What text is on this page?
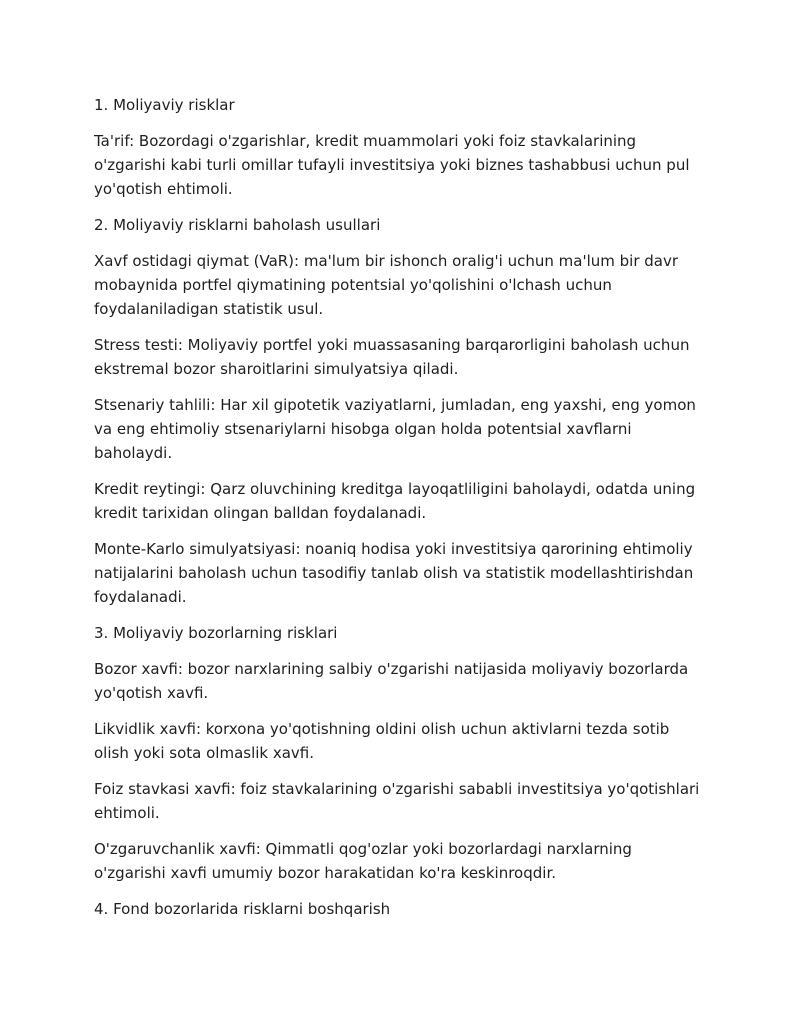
1. Moliyaviy risklar

Ta'rif: Bozordagi o'zgarishlar, kredit muammolari yoki foiz stavkalarining o'zgarishi kabi turli omillar tufayli investitsiya yoki biznes tashabbusi uchun pul yo'qotish ehtimoli.

2. Moliyaviy risklarni baholash usullari

Xavf ostidagi qiymat (VaR): ma'lum bir ishonch oralig'i uchun ma'lum bir davr mobaynida portfel qiymatining potentsial yo'qolishini o'lchash uchun foydalaniladigan statistik usul.

Stress testi: Moliyaviy portfel yoki muassasaning barqarorligini baholash uchun ekstremal bozor sharoitlarini simulyatsiya qiladi.

Stsenariy tahlili: Har xil gipotetik vaziyatlarni, jumladan, eng yaxshi, eng yomon va eng ehtimoliy stsenariylarni hisobga olgan holda potentsial xavflarni baholaydi.

Kredit reytingi: Qarz oluvchining kreditga layoqatliligini baholaydi, odatda uning kredit tarixidan olingan balldan foydalanadi.

Monte-Karlo simulyatsiyasi: noaniq hodisa yoki investitsiya qarorining ehtimoliy natijalarini baholash uchun tasodifiy tanlab olish va statistik modellashtirishdan foydalanadi.

3. Moliyaviy bozorlarning risklari

Bozor xavfi: bozor narxlarining salbiy o'zgarishi natijasida moliyaviy bozorlarda yo'qotish xavfi.

Likvidlik xavfi: korxona yo'qotishning oldini olish uchun aktivlarni tezda sotib olish yoki sota olmaslik xavfi.

Foiz stavkasi xavfi: foiz stavkalarining o'zgarishi sababli investitsiya yo'qotishlari ehtimoli.

O'zgaruvchanlik xavfi: Qimmatli qog'ozlar yoki bozorlardagi narxlarning o'zgarishi xavfi umumiy bozor harakatidan ko'ra keskinroqdir.

4. Fond bozorlarida risklarni boshqarish
